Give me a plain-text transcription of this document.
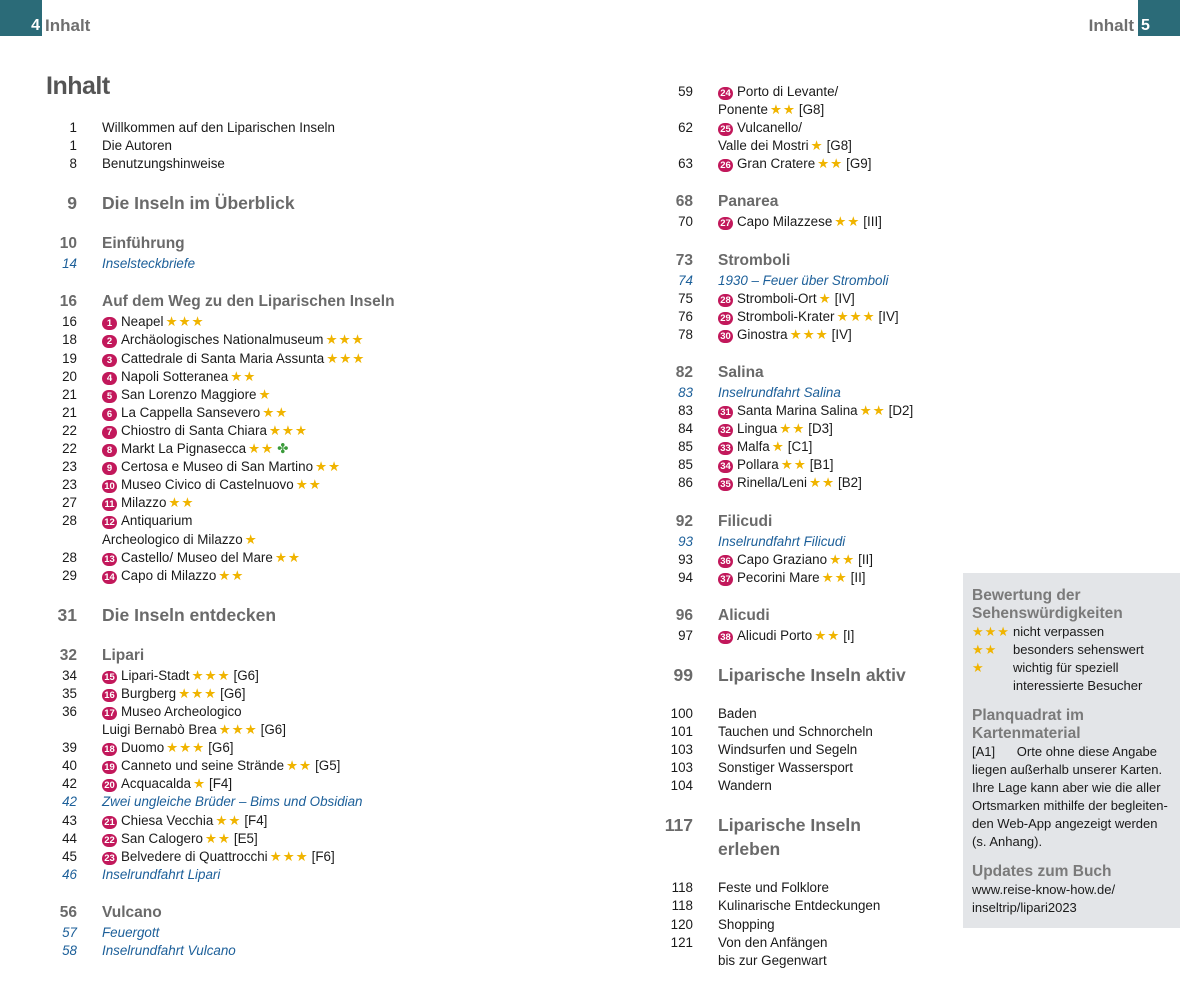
4 Inhalt	Inhalt 5
Inhalt
1 Willkommen auf den Liparischen Inseln
1 Die Autoren
8 Benutzungshinweise
9 Die Inseln im Überblick
10 Einführung
14 Inselsteckbriefe
16 Auf dem Weg zu den Liparischen Inseln
16	1 Neapel ★★★
18	2 Archäologisches Nationalmuseum ★★★
19	3 Cattedrale di Santa Maria Assunta ★★★
20	4 Napoli Sotteranea ★★
21	5 San Lorenzo Maggiore ★
21	6 La Cappella Sansevero ★★
22	7 Chiostro di Santa Chiara ★★★
22	8 Markt La Pignasecca ★★ ✤
23	9 Certosa e Museo di San Martino ★★
23	10 Museo Civico di Castelnuovo ★★
27	11 Milazzo ★★
28	12 Antiquarium
Archeologico di Milazzo ★
28	13 Castello/ Museo del Mare ★★
29	14 Capo di Milazzo ★★
31 Die Inseln entdecken
32 Lipari
34	15 Lipari-Stadt ★★★ [G6]
35	16 Burgberg ★★★ [G6]
36	17 Museo Archeologico
Luigi Bernabò Brea ★★★ [G6]
39	18 Duomo ★★★ [G6]
40	19 Canneto und seine Strände ★★ [G5]
42	20 Acquacalda ★ [F4]
42 Zwei ungleiche Brüder – Bims und Obsidian
43	21 Chiesa Vecchia ★★ [F4]
44	22 San Calogero ★★ [E5]
45	23 Belvedere di Quattrocchi ★★★ [F6]
46 Inselrundfahrt Lipari
56 Vulcano
57 Feuergott
58 Inselrundfahrt Vulcano
59	24 Porto di Levante/
Ponente ★★ [G8]
62	25 Vulcanello/
Valle dei Mostri ★ [G8]
63	26 Gran Cratere ★★ [G9]
68 Panarea
70	27 Capo Milazzese ★★ [III]
73 Stromboli
74 1930 – Feuer über Stromboli
75	28 Stromboli-Ort ★ [IV]
76	29 Stromboli-Krater ★★★ [IV]
78	30 Ginostra ★★★ [IV]
82 Salina
83 Inselrundfahrt Salina
83	31 Santa Marina Salina ★★ [D2]
84	32 Lingua ★★ [D3]
85	33 Malfa ★ [C1]
85	34 Pollara ★★ [B1]
86	35 Rinella/Leni ★★ [B2]
92 Filicudi
93 Inselrundfahrt Filicudi
93	36 Capo Graziano ★★ [II]
94	37 Pecorini Mare ★★ [II]
96 Alicudi
97	38 Alicudi Porto ★★ [I]
99 Liparische Inseln aktiv
100 Baden
101 Tauchen und Schnorcheln
103 Windsurfen und Segeln
103 Sonstiger Wassersport
104 Wandern
117 Liparische Inseln
erleben
118 Feste und Folklore
118 Kulinarische Entdeckungen
120 Shopping
121 Von den Anfängen
bis zur Gegenwart
Bewertung der
Sehenswürdigkeiten
★★★ nicht verpassen
★★	besonders sehenswert
★	wichtig für speziell
interessierte Besucher
Planquadrat im Kartenmaterial

[A1]      Orte ohne diese Angabe

liegen außerhalb unserer Karten.

Ihre Lage kann aber wie die aller

Ortsmarken mithilfe der begleiten-

den Web-App angezeigt werden

(s. Anhang).

Updates zum Buch

www.reise-know-how.de/

inseltrip/lipari2023
